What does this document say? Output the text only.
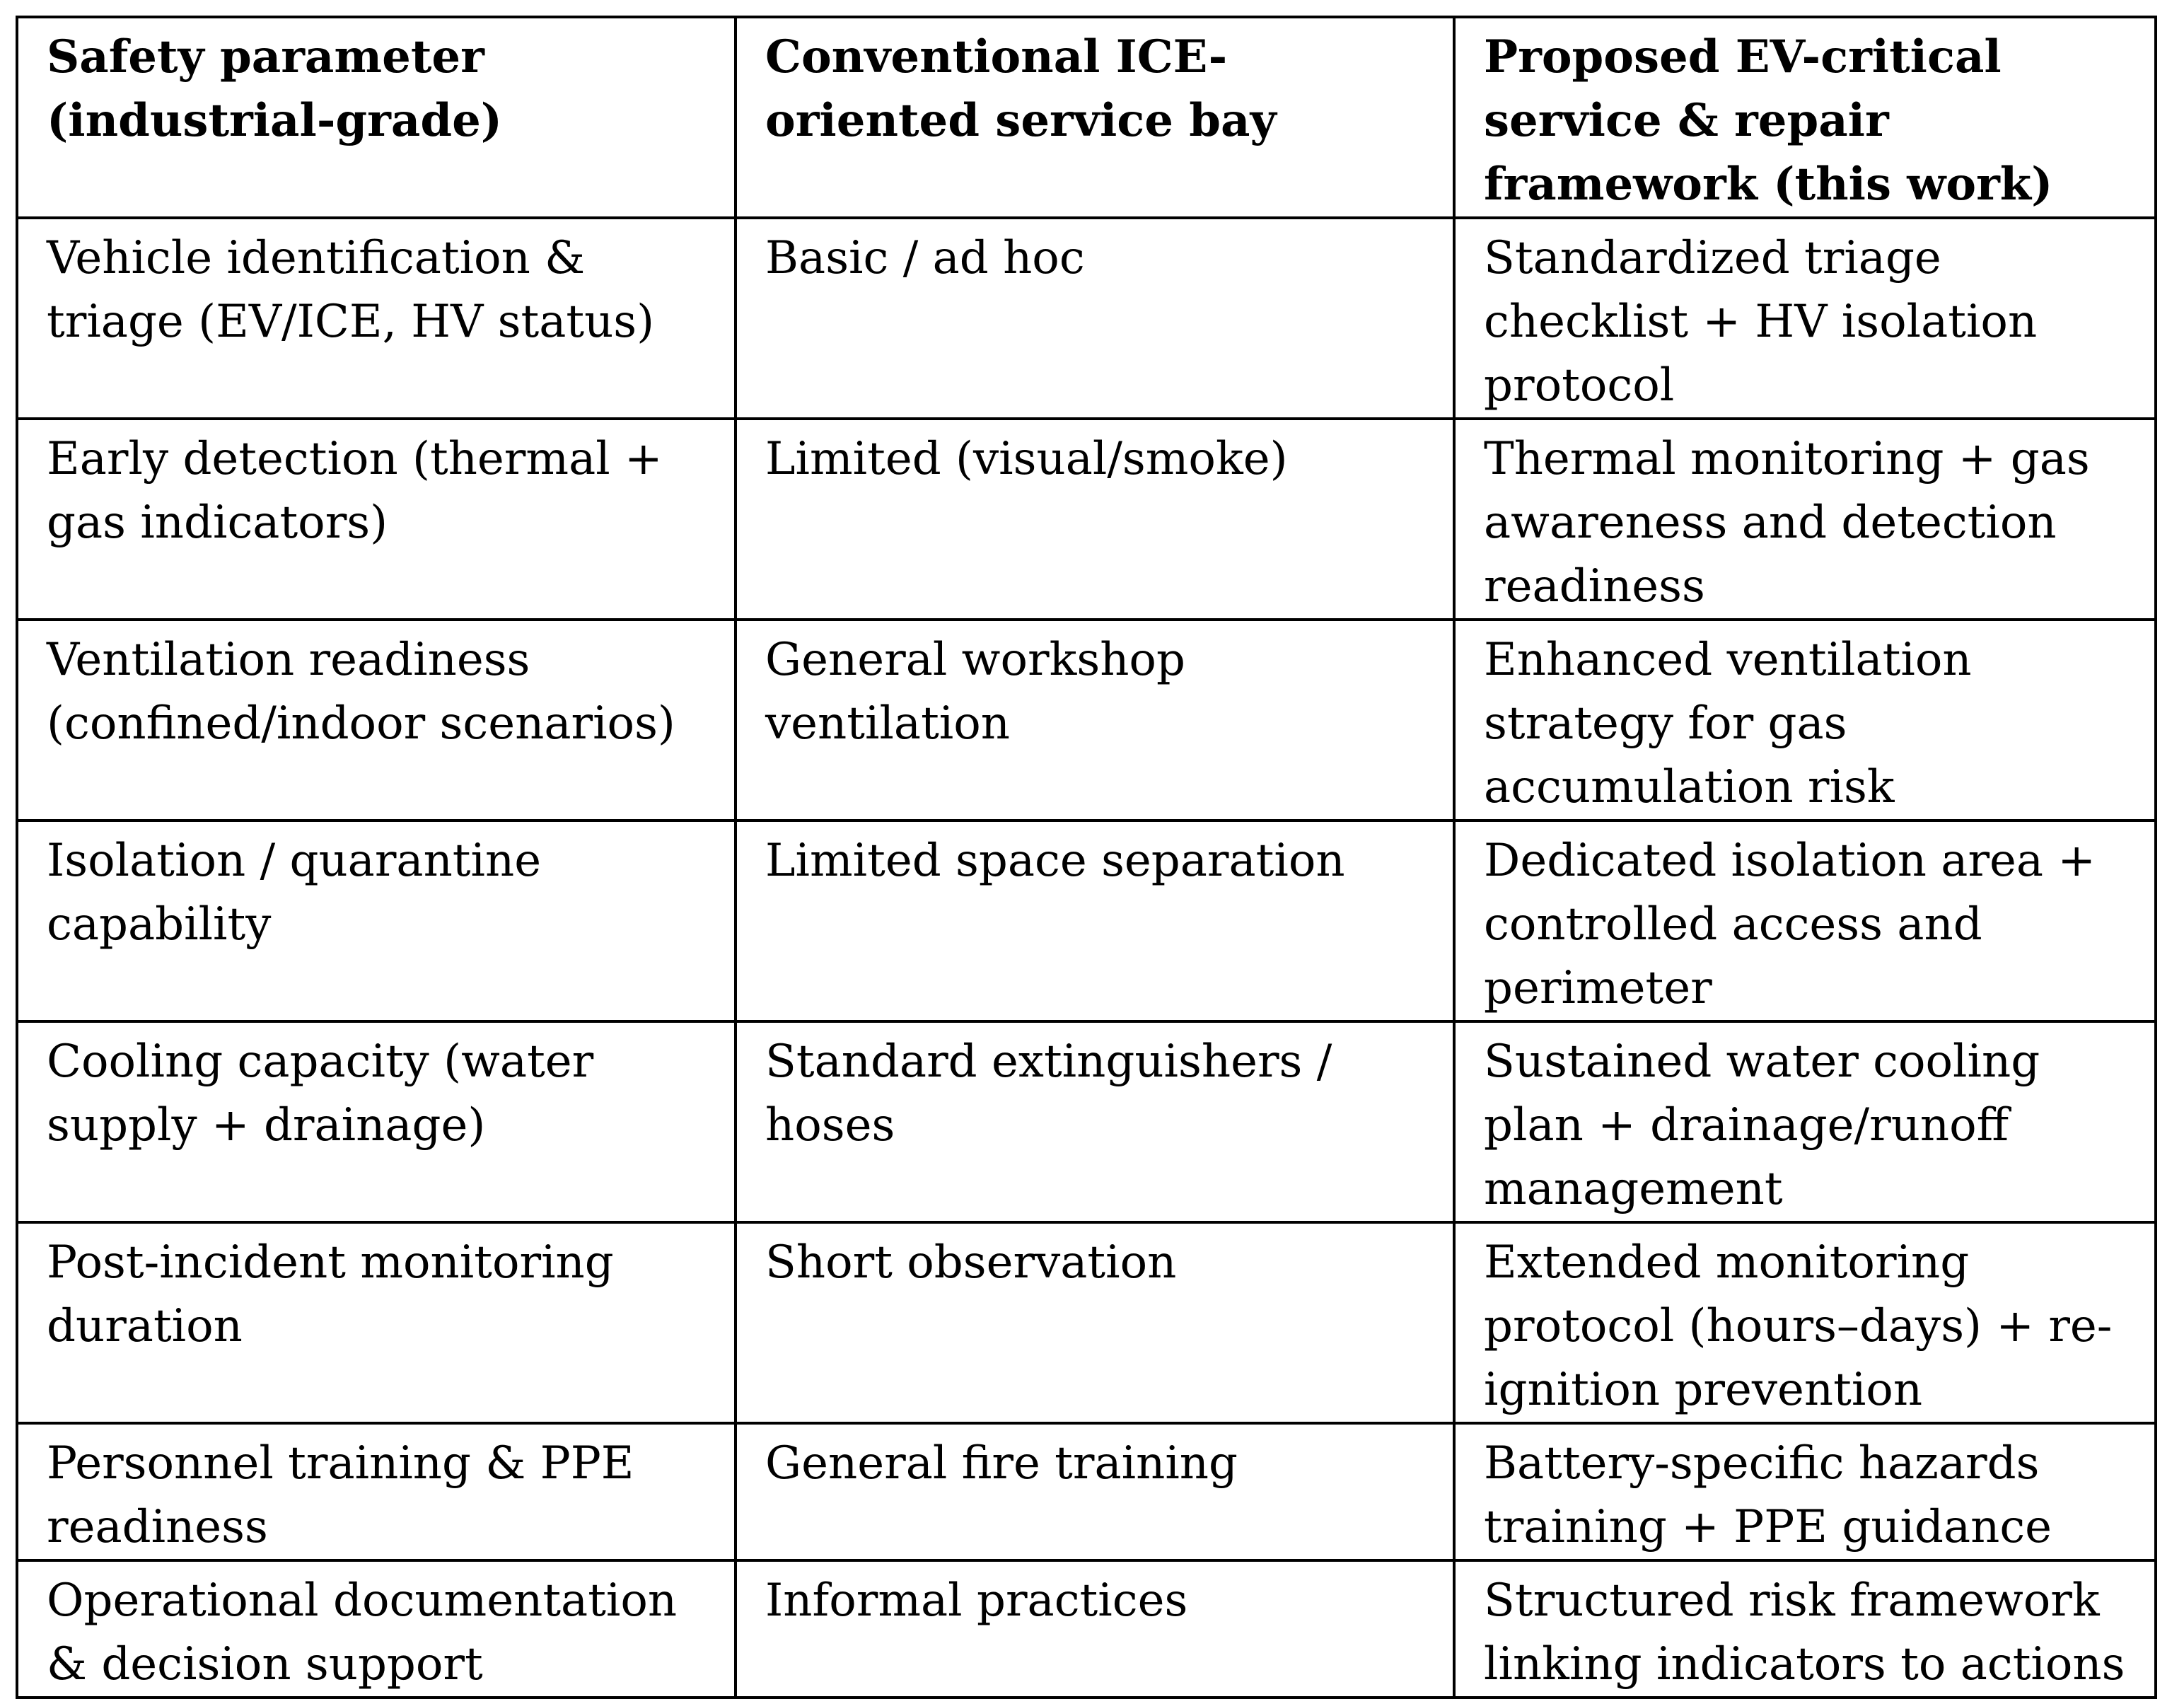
Safety parameter (industrial-grade)	Conventional ICE-oriented service bay	Proposed EV-critical service & repair framework (this work)
Vehicle identification & triage (EV/ICE, HV status)	Basic / ad hoc	Standardized triage checklist + HV isolation protocol
Early detection (thermal + gas indicators)	Limited (visual/smoke)	Thermal monitoring + gas awareness and detection readiness
Ventilation readiness (confined/indoor scenarios)	General workshop ventilation	Enhanced ventilation strategy for gas accumulation risk
Isolation / quarantine capability	Limited space separation	Dedicated isolation area + controlled access and perimeter
Cooling capacity (water supply + drainage)	Standard extinguishers / hoses	Sustained water cooling plan + drainage/runoff management
Post-incident monitoring duration	Short observation	Extended monitoring protocol (hours–days) + re-ignition prevention
Personnel training & PPE readiness	General fire training	Battery-specific hazards training + PPE guidance
Operational documentation & decision support	Informal practices	Structured risk framework linking indicators to actions
